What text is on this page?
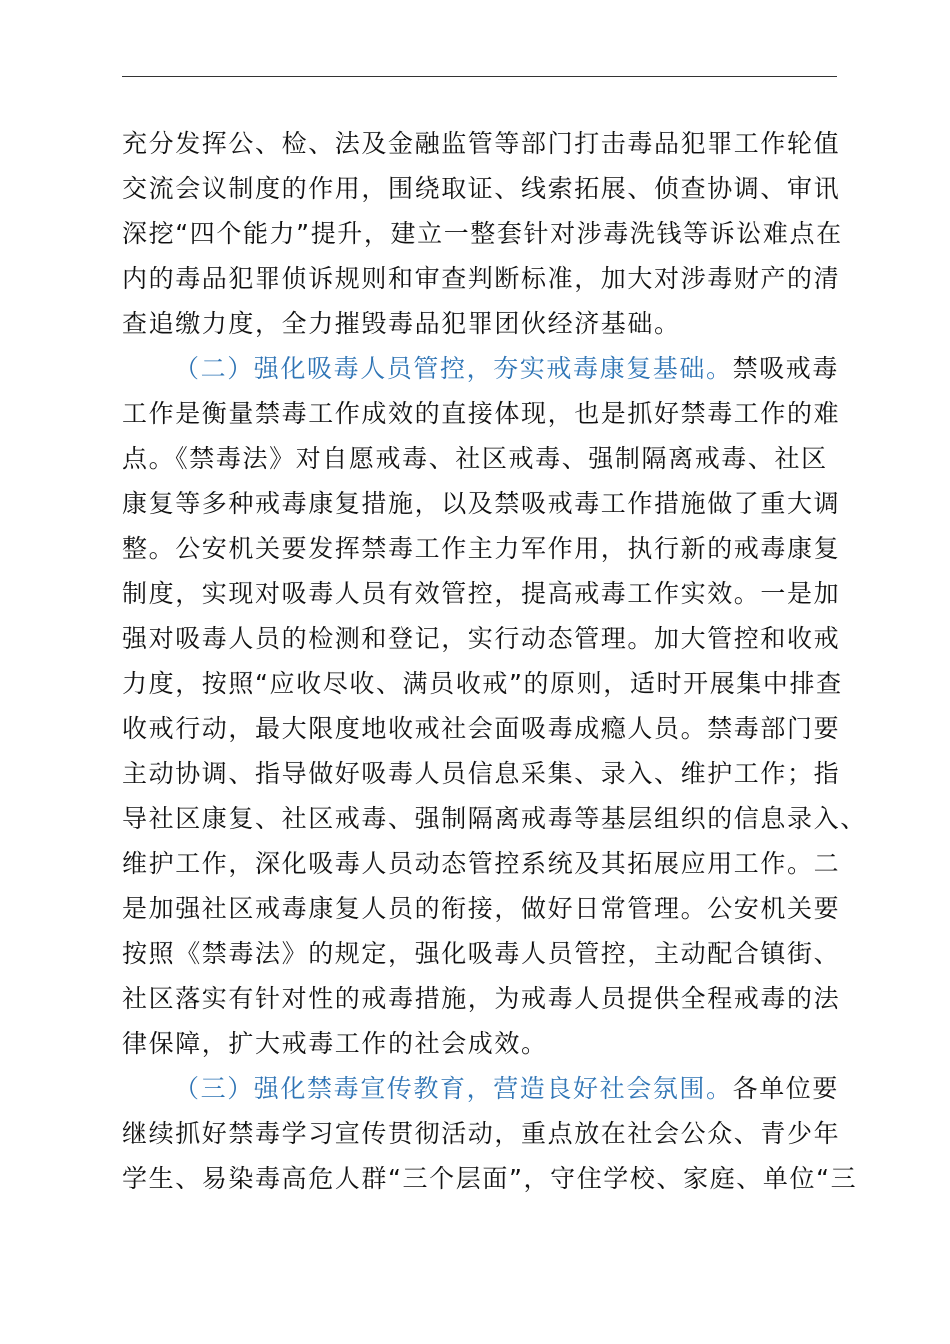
充分发挥公、检、法及金融监管等部门打击毒品犯罪工作轮值
交流会议制度的作用，围绕取证、线索拓展、侦查协调、审讯
深挖“四个能力”提升，建立一整套针对涉毒洗钱等诉讼难点在
内的毒品犯罪侦诉规则和审查判断标准，加大对涉毒财产的清
查追缴力度，全力摧毁毒品犯罪团伙经济基础。
（二）强化吸毒人员管控，夯实戒毒康复基础。禁吸戒毒
工作是衡量禁毒工作成效的直接体现，也是抓好禁毒工作的难
点。《禁毒法》对自愿戒毒、社区戒毒、强制隔离戒毒、社区
康复等多种戒毒康复措施，以及禁吸戒毒工作措施做了重大调
整。公安机关要发挥禁毒工作主力军作用，执行新的戒毒康复
制度，实现对吸毒人员有效管控，提高戒毒工作实效。一是加
强对吸毒人员的检测和登记，实行动态管理。加大管控和收戒
力度，按照“应收尽收、满员收戒”的原则，适时开展集中排查
收戒行动，最大限度地收戒社会面吸毒成瘾人员。禁毒部门要
主动协调、指导做好吸毒人员信息采集、录入、维护工作；指
导社区康复、社区戒毒、强制隔离戒毒等基层组织的信息录入、
维护工作，深化吸毒人员动态管控系统及其拓展应用工作。二
是加强社区戒毒康复人员的衔接，做好日常管理。公安机关要
按照《禁毒法》的规定，强化吸毒人员管控，主动配合镇街、
社区落实有针对性的戒毒措施，为戒毒人员提供全程戒毒的法
律保障，扩大戒毒工作的社会成效。
（三）强化禁毒宣传教育，营造良好社会氛围。各单位要
继续抓好禁毒学习宣传贯彻活动，重点放在社会公众、青少年
学生、易染毒高危人群“三个层面”，守住学校、家庭、单位“三
